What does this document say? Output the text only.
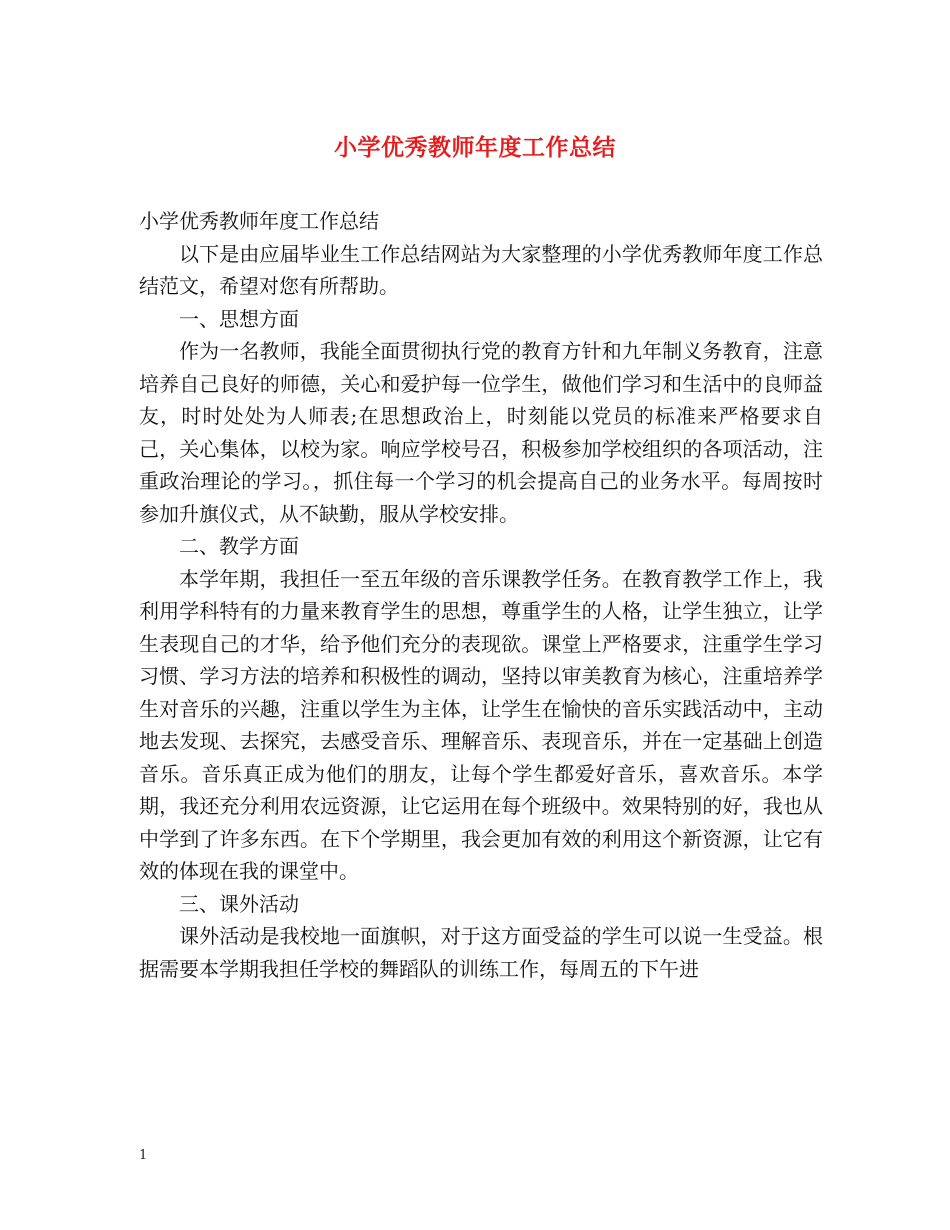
小学优秀教师年度工作总结

小学优秀教师年度工作总结

以下是由应届毕业生工作总结网站为大家整理的小学优秀教师年度工作总结范文，希望对您有所帮助。

一、思想方面

作为一名教师，我能全面贯彻执行党的教育方针和九年制义务教育，注意培养自己良好的师德，关心和爱护每一位学生，做他们学习和生活中的良师益友，时时处处为人师表;在思想政治上，时刻能以党员的标准来严格要求自己，关心集体，以校为家。响应学校号召，积极参加学校组织的各项活动，注重政治理论的学习。，抓住每一个学习的机会提高自己的业务水平。每周按时参加升旗仪式，从不缺勤，服从学校安排。

二、教学方面

本学年期，我担任一至五年级的音乐课教学任务。在教育教学工作上，我利用学科特有的力量来教育学生的思想，尊重学生的人格，让学生独立，让学生表现自己的才华，给予他们充分的表现欲。课堂上严格要求，注重学生学习习惯、学习方法的培养和积极性的调动，坚持以审美教育为核心，注重培养学生对音乐的兴趣，注重以学生为主体，让学生在愉快的音乐实践活动中，主动地去发现、去探究，去感受音乐、理解音乐、表现音乐，并在一定基础上创造音乐。音乐真正成为他们的朋友，让每个学生都爱好音乐，喜欢音乐。本学期，我还充分利用农远资源，让它运用在每个班级中。效果特别的好，我也从中学到了许多东西。在下个学期里，我会更加有效的利用这个新资源，让它有效的体现在我的课堂中。

三、课外活动

课外活动是我校地一面旗帜，对于这方面受益的学生可以说一生受益。根据需要本学期我担任学校的舞蹈队的训练工作，每周五的下午进

1
